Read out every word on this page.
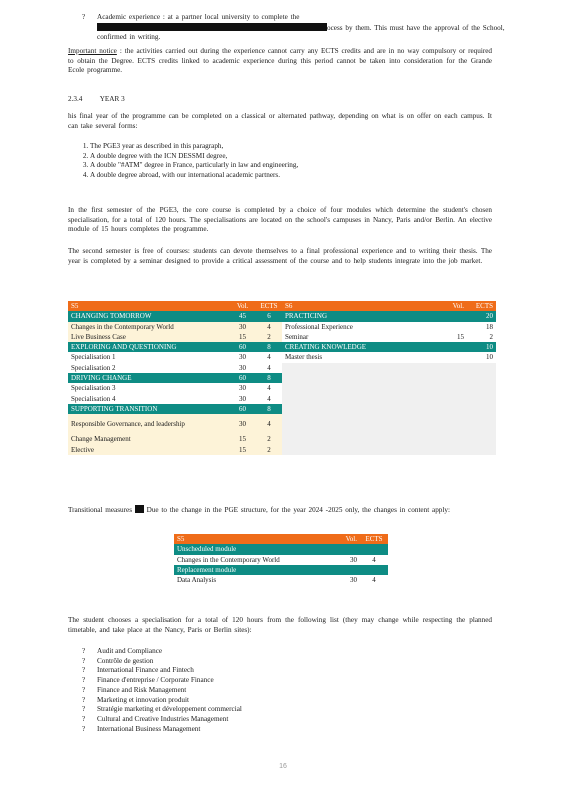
?	Academic experience : at a partner local university to complete the

ocess by them. This must have the approval of the School,

confirmed in writing.

Important notice : the activities carried out during the experience cannot carry any ECTS credits and are in no way compulsory or required to obtain the Degree. ECTS credits linked to academic experience during this period cannot be taken into consideration for the Grande Ecole programme.
2.3.4 YEAR 3
his final year of the programme can be completed on a classical or alternated pathway, depending on what is on offer on each campus. It can take several forms:
1. The PGE3 year as described in this paragraph,
2. A double degree with the ICN DESSMI degree,
3. A double "#ATM" degree in France, particularly in law and engineering,
4. A double degree abroad, with our international academic partners.
In the first semester of the PGE3, the core course is completed by a choice of four modules which determine the student's chosen specialisation, for a total of 120 hours. The specialisations are located on the school's campuses in Nancy, Paris and/or Berlin. An elective module of 15 hours completes the programme.
The second semester is free of courses: students can devote themselves to a final professional experience and to writing their thesis. The year is completed by a seminar designed to provide a critical assessment of the course and to help students integrate into the job market.
S5	Vol.	ECTS	S6	Vol.	ECTS
CHANGING TOMORROW	45	6	PRACTICING		20
Changes in the Contemporary World	30	4	Professional Experience		18
Live Business Case	15	2	Seminar	15	2
EXPLORING AND QUESTIONING	60	8	CREATING KNOWLEDGE		10
Specialisation 1	30	4	Master thesis		10
Specialisation 2	30	4			
DRIVING CHANGE	60	8			
Specialisation 3	30	4			
Specialisation 4	30	4			
SUPPORTING TRANSITION	60	8			
Responsible Governance, and leadership	30	4			
Change Management	15	2			
Elective	15	2			
Transitional measures Due to the change in the PGE structure, for the year 2024 -2025 only, the changes in content apply:
S5	Vol.	ECTS
Unscheduled module		
Changes in the Contemporary World	30	4
Replacement module		
Data Analysis	30	4
The student chooses a specialisation for a total of 120 hours from the following list (they may change while respecting the planned timetable, and take place at the Nancy, Paris or Berlin sites):
?	Audit and Compliance
?	Contrôle de gestion
?	International Finance and Fintech
?	Finance d'entreprise / Corporate Finance
?	Finance and Risk Management
?	Marketing et innovation produit
?	Stratégie marketing et développement commercial
?	Cultural and Creative Industries Management
?	International Business Management
16
